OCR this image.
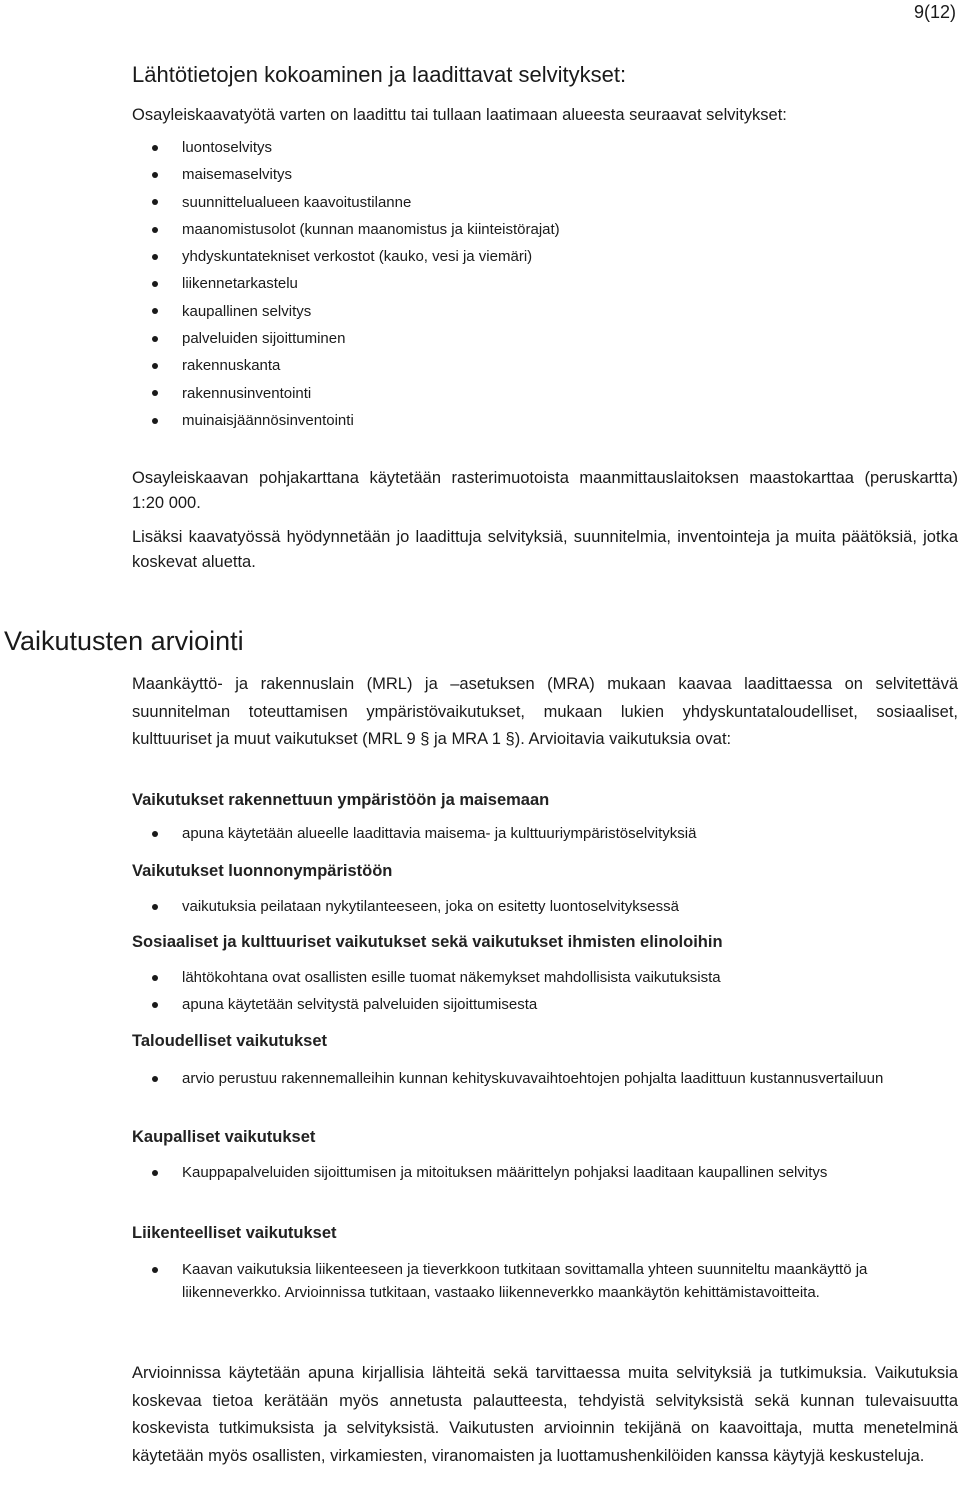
9(12)
Lähtötietojen kokoaminen ja laadittavat selvitykset:

Osayleiskaavatyötä varten on laadittu tai tullaan laatimaan alueesta seuraavat selvitykset:

luontoselvitys
maisemaselvitys
suunnittelualueen kaavoitustilanne
maanomistusolot (kunnan maanomistus ja kiinteistörajat)
yhdyskuntatekniset verkostot (kauko, vesi ja viemäri)
liikennetarkastelu
kaupallinen selvitys
palveluiden sijoittuminen
rakennuskanta
rakennusinventointi
muinaisjäännösinventointi

Osayleiskaavan pohjakarttana käytetään rasterimuotoista maanmittauslaitoksen maastokarttaa (peruskartta) 1:20 000.

Lisäksi kaavatyössä hyödynnetään jo laadittuja selvityksiä, suunnitelmia, inventointeja ja muita päätöksiä, jotka koskevat aluetta.

Vaikutusten arviointi

Maankäyttö- ja rakennuslain (MRL) ja –asetuksen (MRA) mukaan kaavaa laadittaessa on selvitettävä suunnitelman toteuttamisen ympäristövaikutukset, mukaan lukien yhdyskuntataloudelliset, sosiaaliset, kulttuuriset ja muut vaikutukset (MRL 9 § ja MRA 1 §). Arvioitavia vaikutuksia ovat:

Vaikutukset rakennettuun ympäristöön ja maisemaan

apuna käytetään alueelle laadittavia maisema- ja kulttuuriympäristöselvityksiä

Vaikutukset luonnonympäristöön

vaikutuksia peilataan nykytilanteeseen, joka on esitetty luontoselvityksessä

Sosiaaliset ja kulttuuriset vaikutukset sekä vaikutukset ihmisten elinoloihin

lähtökohtana ovat osallisten esille tuomat näkemykset mahdollisista vaikutuksista

apuna käytetään selvitystä palveluiden sijoittumisesta

Taloudelliset vaikutukset

arvio perustuu rakennemalleihin kunnan kehityskuvavaihtoehtojen pohjalta laadittuun kustannusvertailuun

Kaupalliset vaikutukset

Kauppapalveluiden sijoittumisen ja mitoituksen määrittelyn pohjaksi laaditaan kaupallinen selvitys

Liikenteelliset vaikutukset

Kaavan vaikutuksia liikenteeseen ja tieverkkoon tutkitaan sovittamalla yhteen suunniteltu maankäyttö ja liikenneverkko. Arvioinnissa tutkitaan, vastaako liikenneverkko maankäytön kehittämistavoitteita.

Arvioinnissa käytetään apuna kirjallisia lähteitä sekä tarvittaessa muita selvityksiä ja tutkimuksia. Vaikutuksia koskevaa tietoa kerätään myös annetusta palautteesta, tehdyistä selvityksistä sekä kunnan tulevaisuutta koskevista tutkimuksista ja selvityksistä. Vaikutusten arvioinnin tekijänä on kaavoittaja, mutta menetelminä käytetään myös osallisten, virkamiesten, viranomaisten ja luottamushenkilöiden kanssa käytyjä keskusteluja.
